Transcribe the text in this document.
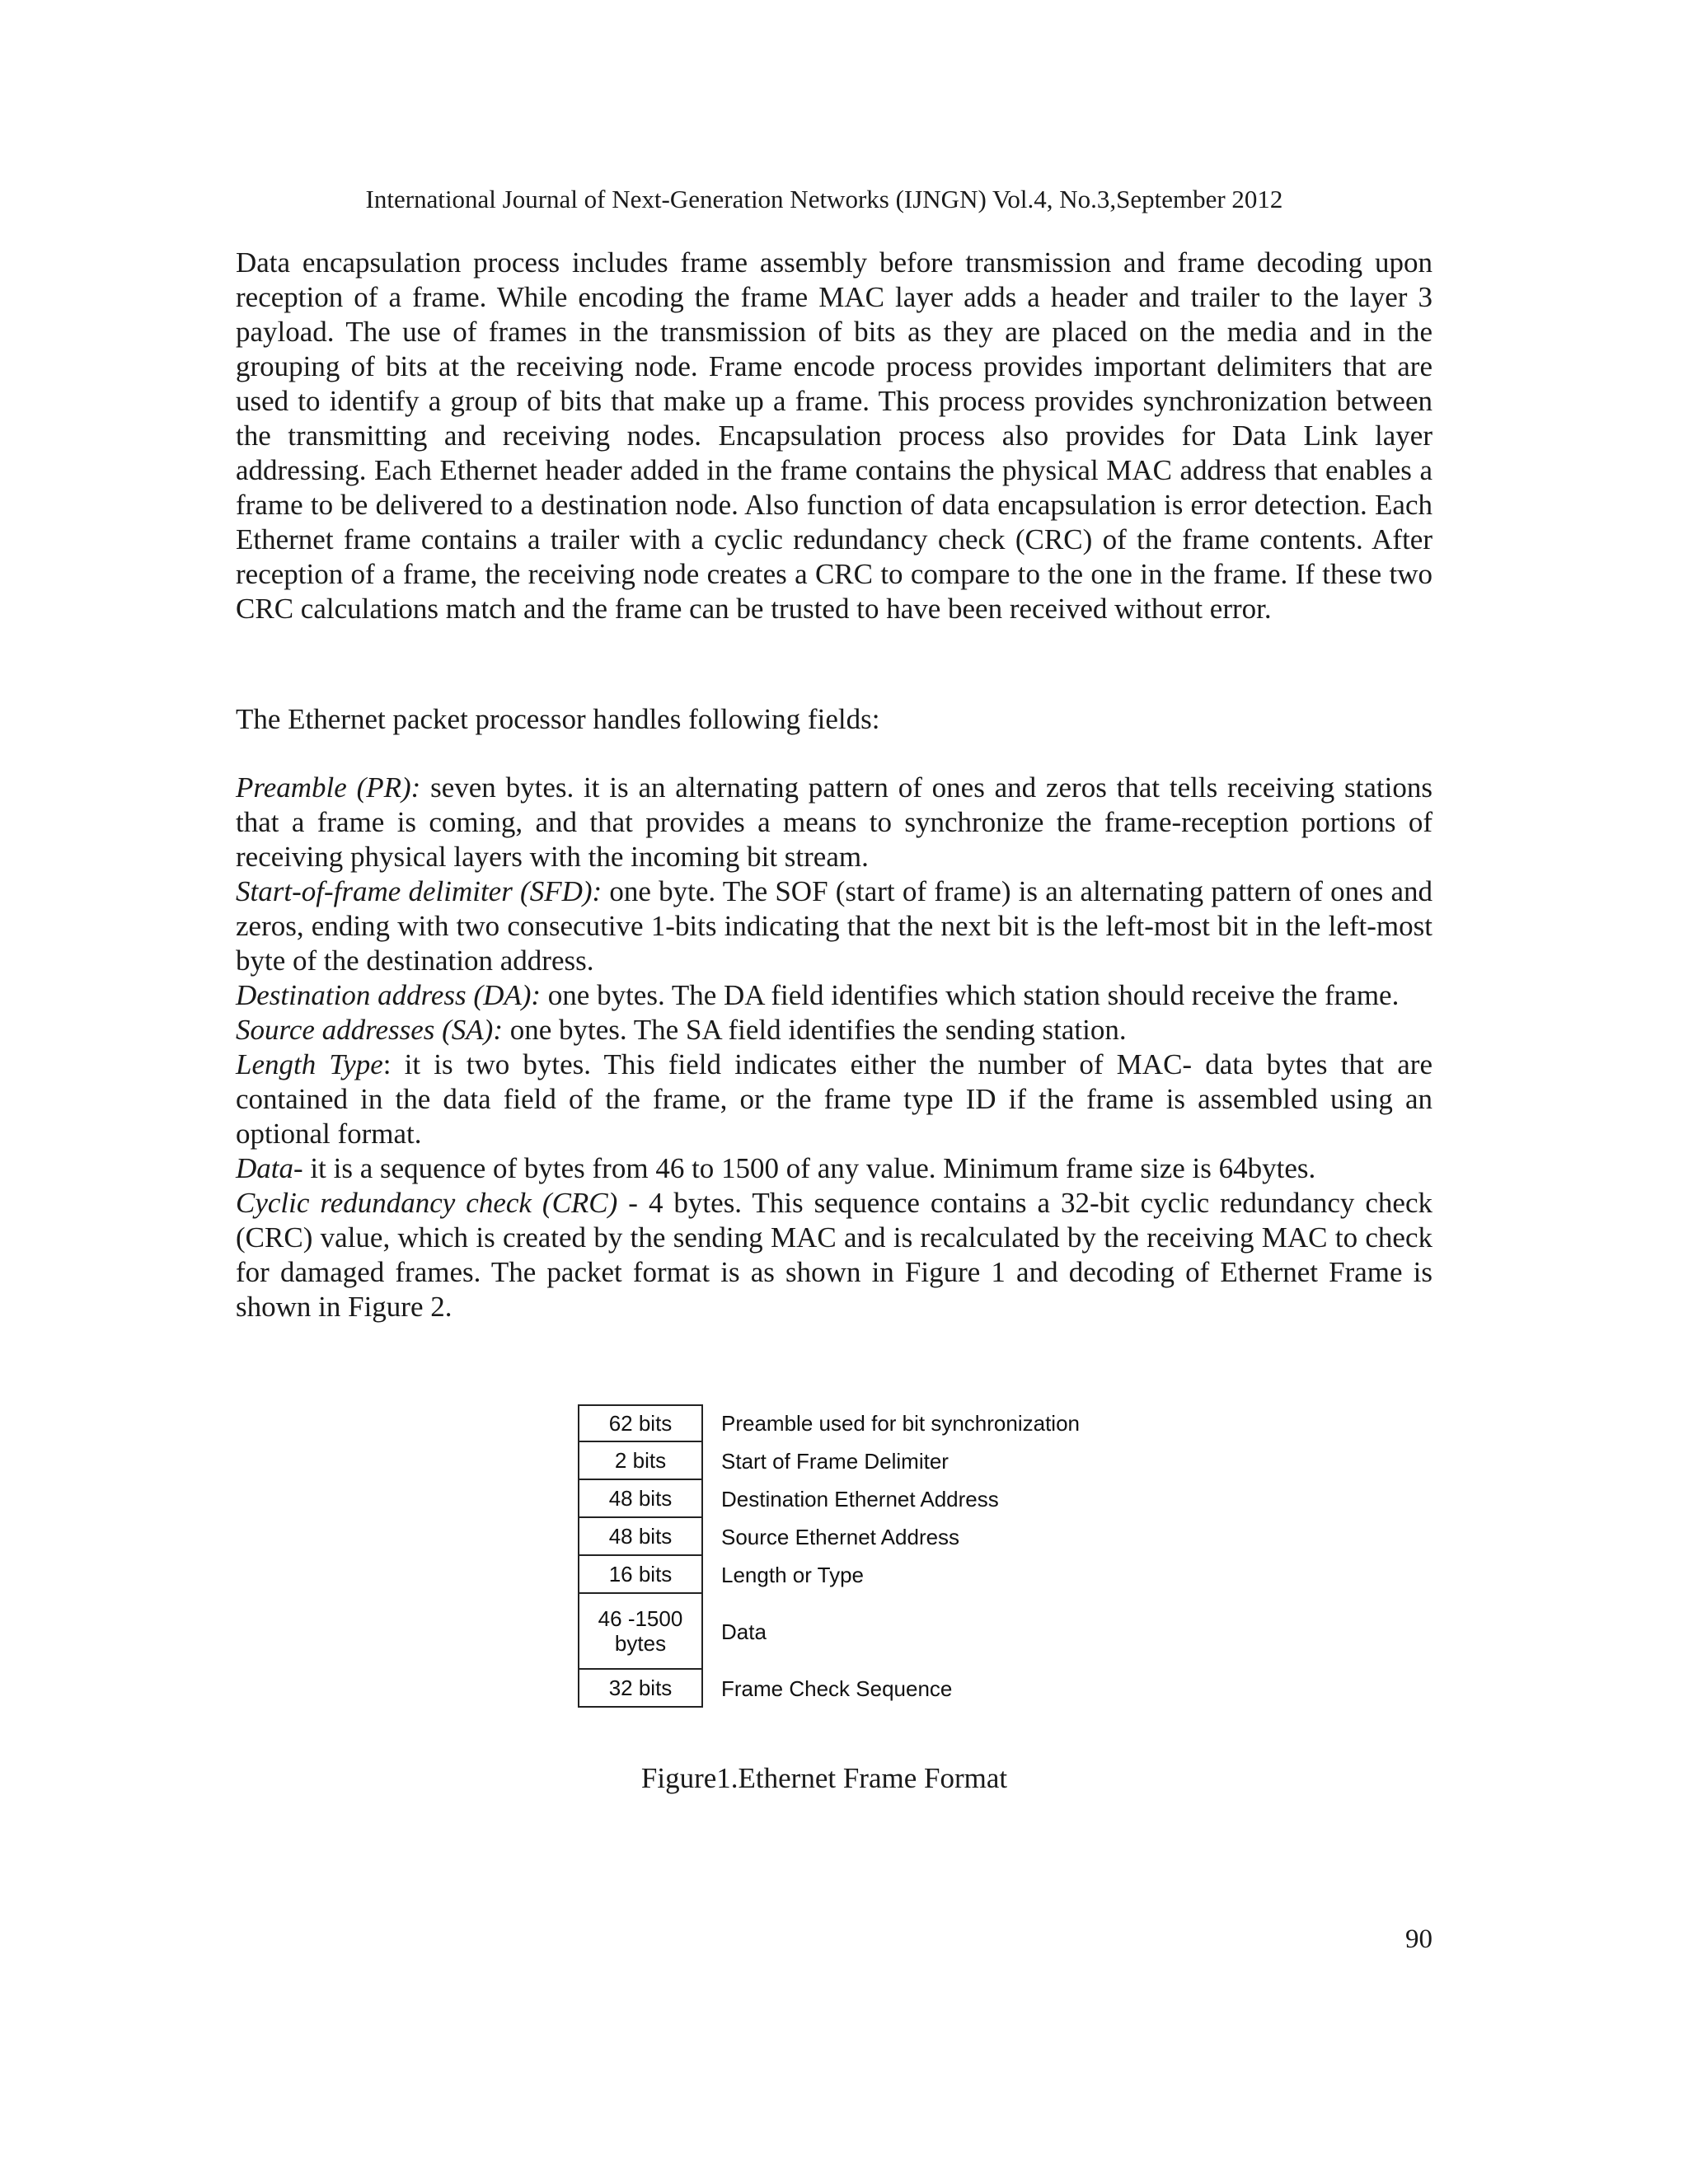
International Journal of Next-Generation Networks (IJNGN) Vol.4, No.3,September 2012

Data encapsulation process includes frame assembly before transmission and frame decoding upon reception of a frame. While encoding the frame MAC layer adds a header and trailer to the layer 3 payload. The use of frames in the transmission of bits as they are placed on the media and in the grouping of bits at the receiving node. Frame encode process provides important delimiters that are used to identify a group of bits that make up a frame. This process provides synchronization between the transmitting and receiving nodes. Encapsulation process also provides for Data Link layer addressing. Each Ethernet header added in the frame contains the physical MAC address that enables a frame to be delivered to a destination node. Also function of data encapsulation is error detection. Each Ethernet frame contains a trailer with a cyclic redundancy check (CRC) of the frame contents. After reception of a frame, the receiving node creates a CRC to compare to the one in the frame. If these two CRC calculations match and the frame can be trusted to have been received without error.

The Ethernet packet processor handles following fields:

Preamble (PR): seven bytes. it is an alternating pattern of ones and zeros that tells receiving stations that a frame is coming, and that provides a means to synchronize the frame-reception portions of receiving physical layers with the incoming bit stream.

Start-of-frame delimiter (SFD): one byte. The SOF (start of frame) is an alternating pattern of ones and zeros, ending with two consecutive 1-bits indicating that the next bit is the left-most bit in the left-most byte of the destination address.

Destination address (DA): one bytes. The DA field identifies which station should receive the frame.

Source addresses (SA): one bytes. The SA field identifies the sending station.

Length Type: it is two bytes. This field indicates either the number of MAC- data bytes that are contained in the data field of the frame, or the frame type ID if the frame is assembled using an optional format.

Data- it is a sequence of bytes from 46 to 1500 of any value. Minimum frame size is 64bytes.

Cyclic redundancy check (CRC) - 4 bytes. This sequence contains a 32-bit cyclic redundancy check (CRC) value, which is created by the sending MAC and is recalculated by the receiving MAC to check for damaged frames. The packet format is as shown in Figure 1 and decoding of Ethernet Frame is shown in Figure 2.

62 bits	Preamble used for bit synchronization
2 bits	Start of Frame Delimiter
48 bits	Destination Ethernet Address
48 bits	Source Ethernet Address
16 bits	Length or Type
46 -1500
bytes	Data
32 bits	Frame Check Sequence
Figure1.Ethernet Frame Format
90
